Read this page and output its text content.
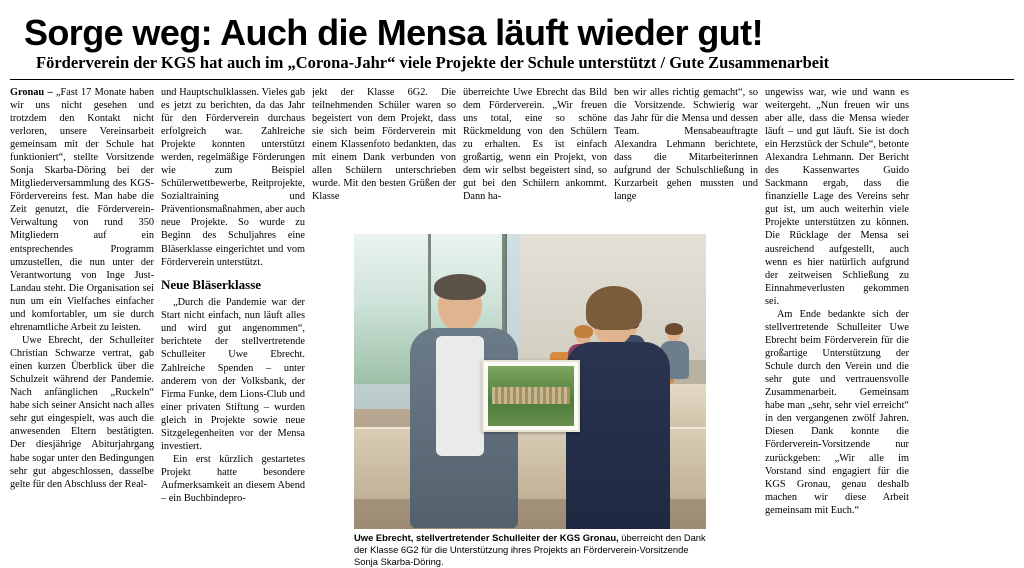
Sorge weg: Auch die Mensa läuft wieder gut!
Förderverein der KGS hat auch im „Corona-Jahr“ viele Projekte der Schule unterstützt / Gute Zusammenarbeit

Gronau – „Fast 17 Monate haben wir uns nicht gesehen und trotzdem den Kontakt nicht verloren, unsere Vereinsarbeit gemeinsam mit der Schule hat funktioniert“, stellte Vorsitzende Sonja Skarba-Döring bei der Mitgliederversammlung des KGS-Fördervereins fest. Man habe die Zeit genutzt, die Förderverein-Verwaltung von rund 350 Mitgliedern auf ein entsprechendes Programm umzustellen, die nun unter der Verantwortung von Inge Just-Landau steht. Die Organisation sei nun um ein Vielfaches einfacher und komfortabler, um sie durch ehrenamtliche Arbeit zu leisten.

Uwe Ebrecht, der Schulleiter Christian Schwarze vertrat, gab einen kurzen Überblick über die Schulzeit während der Pandemie. Nach anfänglichen „Ruckeln“ habe sich seiner Ansicht nach alles sehr gut eingespielt, was auch die anwesenden Eltern bestätigten. Der diesjährige Abiturjahrgang habe sogar unter den Bedingungen sehr gut abgeschlossen, dasselbe gelte für den Abschluss der Real-

und Hauptschulklassen. Vieles gab es jetzt zu berichten, da das Jahr für den Förderverein durchaus erfolgreich war. Zahlreiche Projekte konnten unterstützt werden, regelmäßige Förderungen wie zum Beispiel Schülerwettbewerbe, Reitprojekte, Sozialtraining und Präventionsmaßnahmen, aber auch neue Projekte. So wurde zu Beginn des Schuljahres eine Bläserklasse eingerichtet und vom Förderverein unterstützt.

Neue Bläserklasse

„Durch die Pandemie war der Start nicht einfach, nun läuft alles und wird gut angenommen“, berichtete der stellvertretende Schulleiter Uwe Ebrecht. Zahlreiche Spenden – unter anderem von der Volksbank, der Firma Funke, dem Lions-Club und einer privaten Stiftung – wurden gleich in Projekte sowie neue Sitzgelegenheiten vor der Mensa investiert.

Ein erst kürzlich gestartetes Projekt hatte besondere Aufmerksamkeit an diesem Abend – ein Buchbindepro-

jekt der Klasse 6G2. Die teilnehmenden Schüler waren so begeistert von dem Projekt, dass sie sich beim Förderverein mit einem Klassenfoto bedankten, das mit einem Dank verbunden von allen Schülern unterschrieben wurde. Mit den besten Grüßen der Klasse

überreichte Uwe Ebrecht das Bild dem Förderverein. „Wir freuen uns total, eine so schöne Rückmeldung von den Schülern zu erhalten. Es ist einfach großartig, wenn ein Projekt, von dem wir selbst begeistert sind, so gut bei den Schülern ankommt. Dann ha-

ben wir alles richtig gemacht“, so die Vorsitzende. Schwierig war das Jahr für die Mensa und dessen Team. Mensabeauftragte Alexandra Lehmann berichtete, dass die Mitarbeiterinnen aufgrund der Schulschließung in Kurzarbeit gehen mussten und lange

ungewiss war, wie und wann es weitergeht. „Nun freuen wir uns aber alle, dass die Mensa wieder läuft – und gut läuft. Sie ist doch ein Herzstück der Schule“, betonte Alexandra Lehmann. Der Bericht des Kassenwartes Guido Sackmann ergab, dass die finanzielle Lage des Vereins sehr gut ist, um auch weiterhin viele Projekte unterstützen zu können. Die Rücklage der Mensa sei ausreichend aufgestellt, auch wenn es hier natürlich aufgrund der zeitweisen Schließung zu Einnahmeverlusten gekommen sei.

Am Ende bedankte sich der stellvertretende Schulleiter Uwe Ebrecht beim Förderverein für die großartige Unterstützung der Schule durch den Verein und die sehr gute und vertrauensvolle Zusammenarbeit. Gemeinsam habe man „sehr, sehr viel erreicht“ in den vergangenen zwölf Jahren. Diesen Dank konnte die Förderverein-Vorsitzende nur zurückgeben: „Wir alle im Vorstand sind engagiert für die KGS Gronau, genau deshalb machen wir diese Arbeit gemeinsam mit Euch.“

Uwe Ebrecht, stellvertretender Schulleiter der KGS Gronau, überreicht den Dank der Klasse 6G2 für die Unterstützung ihres Projekts an Förderverein-Vorsitzende Sonja Skarba-Döring.
